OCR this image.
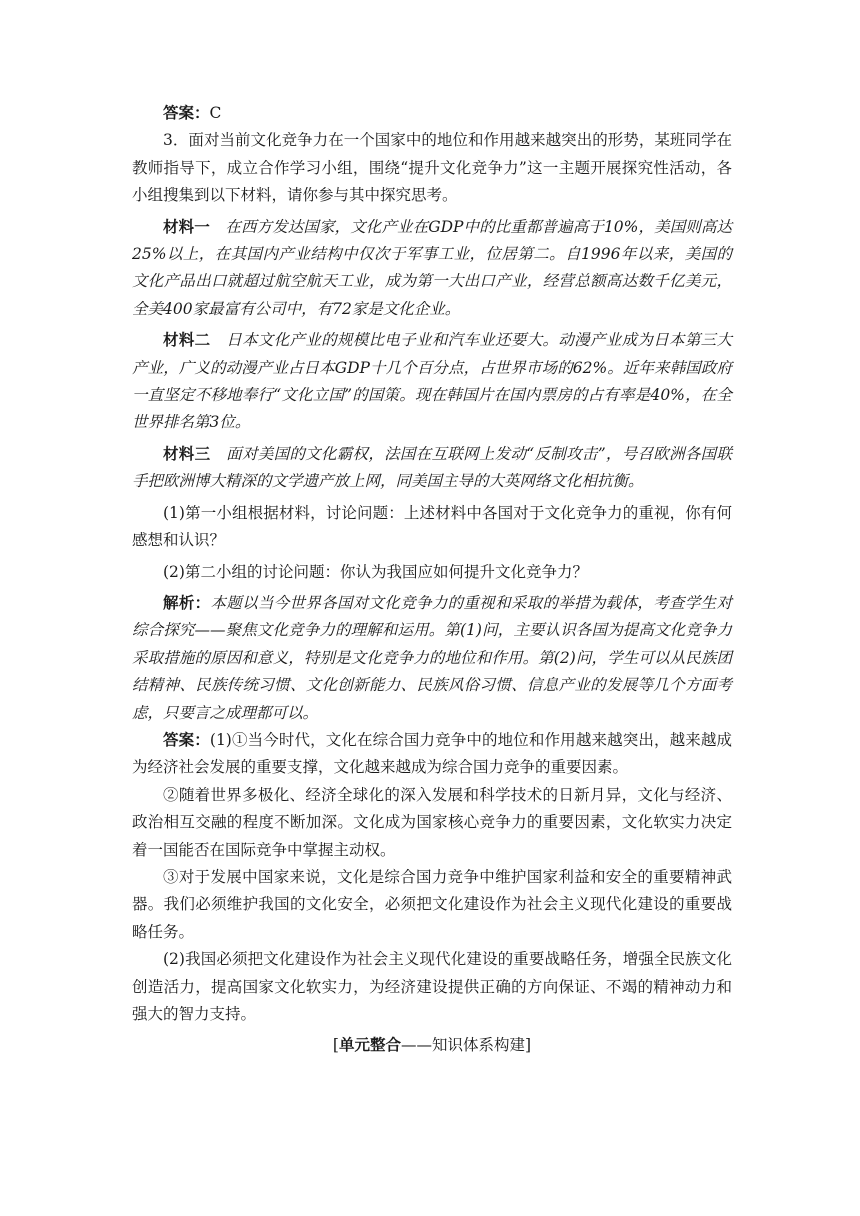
答案：C

3．面对当前文化竞争力在一个国家中的地位和作用越来越突出的形势，某班同学在教师指导下，成立合作学习小组，围绕“提升文化竞争力”这一主题开展探究性活动，各小组搜集到以下材料，请你参与其中探究思考。

材料一　在西方发达国家，文化产业在GDP中的比重都普遍高于10%，美国则高达25%以上，在其国内产业结构中仅次于军事工业，位居第二。自1996年以来，美国的文化产品出口就超过航空航天工业，成为第一大出口产业，经营总额高达数千亿美元，全美400家最富有公司中，有72家是文化企业。

材料二　日本文化产业的规模比电子业和汽车业还要大。动漫产业成为日本第三大产业，广义的动漫产业占日本GDP十几个百分点，占世界市场的62%。近年来韩国政府一直坚定不移地奉行“文化立国”的国策。现在韩国片在国内票房的占有率是40%，在全世界排名第3位。

材料三　面对美国的文化霸权，法国在互联网上发动“反制攻击”，号召欧洲各国联手把欧洲博大精深的文学遗产放上网，同美国主导的大英网络文化相抗衡。

(1)第一小组根据材料，讨论问题：上述材料中各国对于文化竞争力的重视，你有何感想和认识？

(2)第二小组的讨论问题：你认为我国应如何提升文化竞争力？

解析：本题以当今世界各国对文化竞争力的重视和采取的举措为载体，考查学生对综合探究——聚焦文化竞争力的理解和运用。第(1)问，主要认识各国为提高文化竞争力采取措施的原因和意义，特别是文化竞争力的地位和作用。第(2)问，学生可以从民族团结精神、民族传统习惯、文化创新能力、民族风俗习惯、信息产业的发展等几个方面考虑，只要言之成理都可以。

答案：(1)①当今时代，文化在综合国力竞争中的地位和作用越来越突出，越来越成为经济社会发展的重要支撑，文化越来越成为综合国力竞争的重要因素。

②随着世界多极化、经济全球化的深入发展和科学技术的日新月异，文化与经济、政治相互交融的程度不断加深。文化成为国家核心竞争力的重要因素，文化软实力决定着一国能否在国际竞争中掌握主动权。

③对于发展中国家来说，文化是综合国力竞争中维护国家利益和安全的重要精神武器。我们必须维护我国的文化安全，必须把文化建设作为社会主义现代化建设的重要战略任务。

(2)我国必须把文化建设作为社会主义现代化建设的重要战略任务，增强全民族文化创造活力，提高国家文化软实力，为经济建设提供正确的方向保证、不竭的精神动力和强大的智力支持。

[单元整合——知识体系构建]
